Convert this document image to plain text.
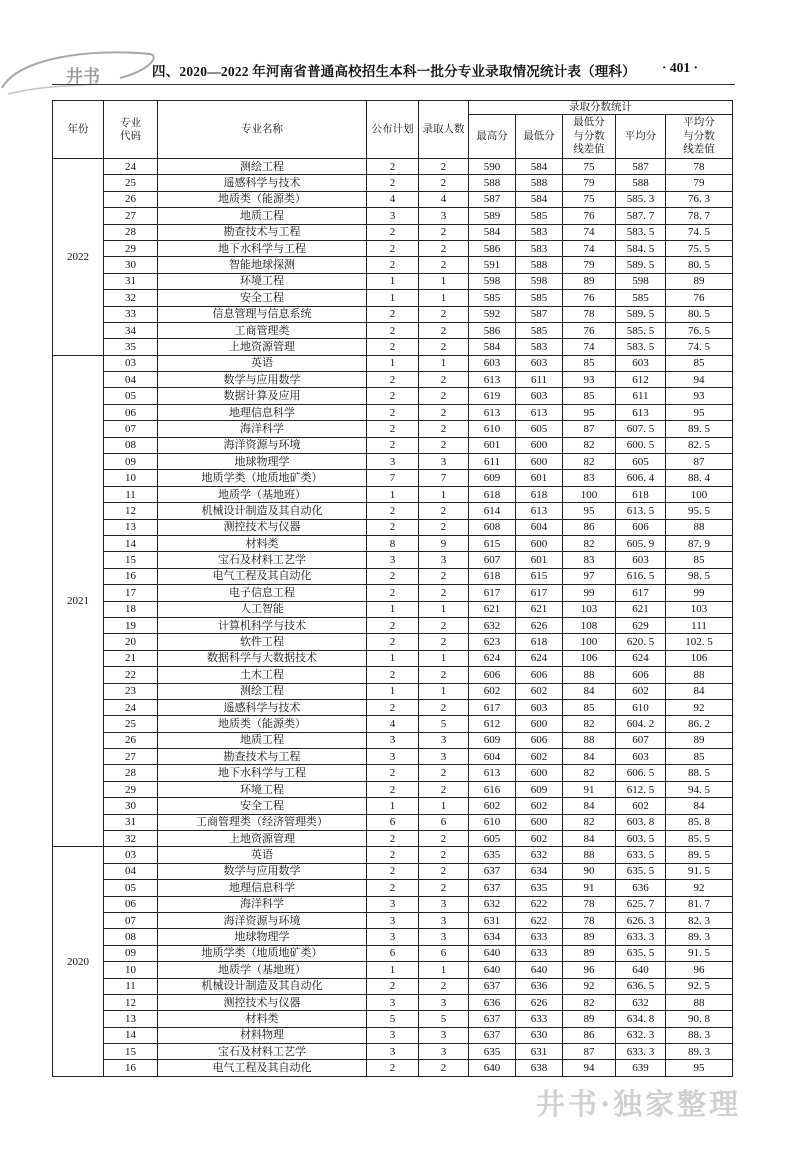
井书	四、2020—2022 年河南省普通高校招生本科一批分专业录取情况统计表（理科） · 401 ·
年份	专业代码	专业名称	公布计划	录取人数	录取分数统计				
					最高分	最低分	最低分与分数线差值	平均分	平均分与分数线差值
2022	24	测绘工程	2	2	590	584	75	587	78
	25	遥感科学与技术	2	2	588	588	79	588	79
	26	地质类（能源类）	4	4	587	584	75	585. 3	76. 3
	27	地质工程	3	3	589	585	76	587. 7	78. 7
	28	勘查技术与工程	2	2	584	583	74	583. 5	74. 5
	29	地下水科学与工程	2	2	586	583	74	584. 5	75. 5
	30	智能地球探测	2	2	591	588	79	589. 5	80. 5
	31	环境工程	1	1	598	598	89	598	89
	32	安全工程	1	1	585	585	76	585	76
	33	信息管理与信息系统	2	2	592	587	78	589. 5	80. 5
	34	工商管理类	2	2	586	585	76	585. 5	76. 5
	35	上地资源管理	2	2	584	583	74	583. 5	74. 5
2021	03	英语	1	1	603	603	85	603	85
	04	数学与应用数学	2	2	613	611	93	612	94
	05	数据计算及应用	2	2	619	603	85	611	93
	06	地理信息科学	2	2	613	613	95	613	95
	07	海洋科学	2	2	610	605	87	607. 5	89. 5
	08	海洋资源与环境	2	2	601	600	82	600. 5	82. 5
	09	地球物理学	3	3	611	600	82	605	87
	10	地质学类（地质地矿类）	7	7	609	601	83	606. 4	88. 4
	11	地质学（基地班）	1	1	618	618	100	618	100
	12	机械设计制造及其自动化	2	2	614	613	95	613. 5	95. 5
	13	测控技术与仪器	2	2	608	604	86	606	88
	14	材料类	8	9	615	600	82	605. 9	87. 9
	15	宝石及材料工艺学	3	3	607	601	83	603	85
	16	电气工程及其自动化	2	2	618	615	97	616. 5	98. 5
	17	电子信息工程	2	2	617	617	99	617	99
	18	人工智能	1	1	621	621	103	621	103
	19	计算机科学与技术	2	2	632	626	108	629	111
	20	软件工程	2	2	623	618	100	620. 5	102. 5
	21	数据科学与大数据技术	1	1	624	624	106	624	106
	22	土木工程	2	2	606	606	88	606	88
	23	测绘工程	1	1	602	602	84	602	84
	24	遥感科学与技术	2	2	617	603	85	610	92
	25	地质类（能源类）	4	5	612	600	82	604. 2	86. 2
	26	地质工程	3	3	609	606	88	607	89
	27	勘查技术与工程	3	3	604	602	84	603	85
	28	地下水科学与工程	2	2	613	600	82	606. 5	88. 5
	29	环境工程	2	2	616	609	91	612. 5	94. 5
	30	安全工程	1	1	602	602	84	602	84
	31	工商管理类（经济管理类）	6	6	610	600	82	603. 8	85. 8
	32	上地资源管理	2	2	605	602	84	603. 5	85. 5
2020	03	英语	2	2	635	632	88	633. 5	89. 5
	04	数学与应用数学	2	2	637	634	90	635. 5	91. 5
	05	地理信息科学	2	2	637	635	91	636	92
	06	海洋科学	3	3	632	622	78	625. 7	81. 7
	07	海洋资源与环境	3	3	631	622	78	626. 3	82. 3
	08	地球物理学	3	3	634	633	89	633. 3	89. 3
	09	地质学类（地质地矿类）	6	6	640	633	89	635. 5	91. 5
	10	地质学（基地班）	1	1	640	640	96	640	96
	11	机械设计制造及其自动化	2	2	637	636	92	636. 5	92. 5
	12	测控技术与仪器	3	3	636	626	82	632	88
	13	材料类	5	5	637	633	89	634. 8	90. 8
	14	材料物理	3	3	637	630	86	632. 3	88. 3
	15	宝石及材料工艺学	3	3	635	631	87	633. 3	89. 3
	16	电气工程及其自动化	2	2	640	638	94	639	95
井书·独家整理
